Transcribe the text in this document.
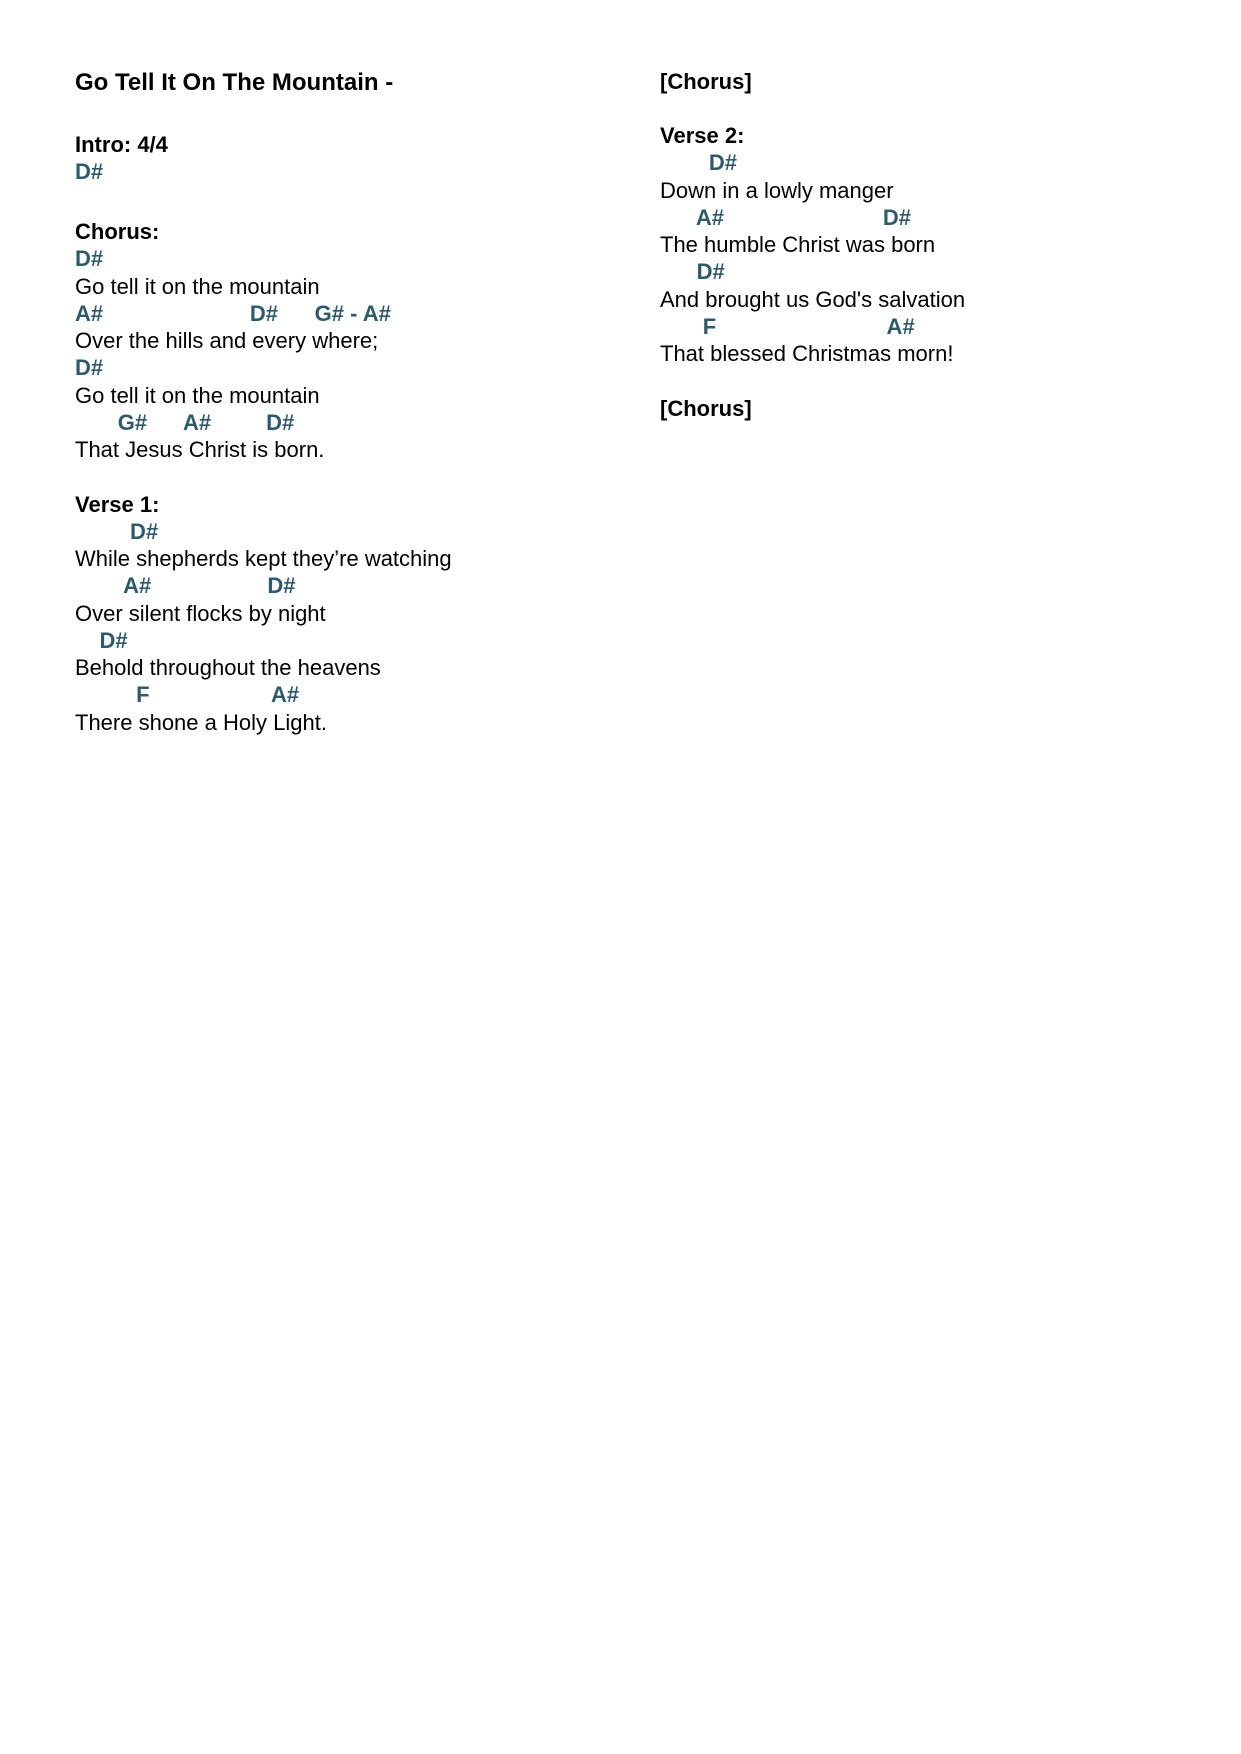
Go Tell It On The Mountain -
Intro: 4/4
D#
Chorus:
D#
Go tell it on the mountain
A#                        D#      G# - A#
Over the hills and every where;
D#
Go tell it on the mountain
G#      A#         D#
That Jesus Christ is born.
Verse 1:
D#
While shepherds kept they’re watching
A#                   D#
Over silent flocks by night
D#
Behold throughout the heavens
F                    A#
There shone a Holy Light.
[Chorus]
Verse 2:
D#
Down in a lowly manger
A#                          D#
The humble Christ was born
D#
And brought us God's salvation
F                            A#
That blessed Christmas morn!
[Chorus]
